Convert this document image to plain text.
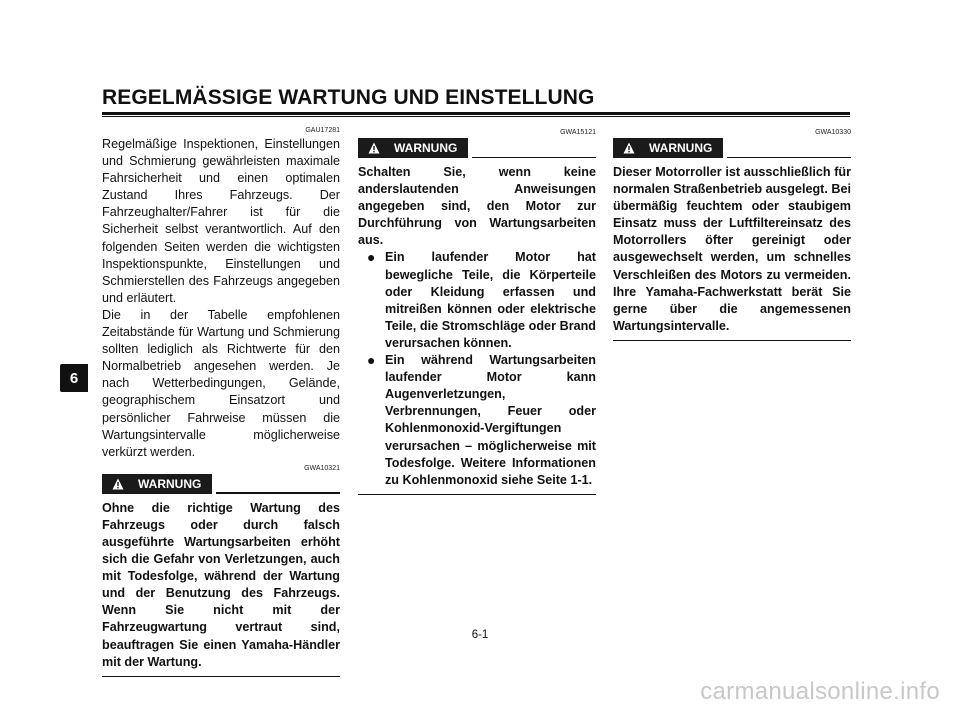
REGELMÄSSIGE WARTUNG UND EINSTELLUNG
6
GAU17281

Regelmäßige Inspektionen, Einstellungen und Schmierung gewährleisten maximale Fahrsicherheit und einen optimalen Zustand Ihres Fahrzeugs. Der Fahrzeughalter/Fahrer ist für die Sicherheit selbst verantwortlich. Auf den folgenden Seiten werden die wichtigsten Inspektionspunkte, Einstellungen und Schmierstellen des Fahrzeugs angegeben und erläutert.

Die in der Tabelle empfohlenen Zeitabstände für Wartung und Schmierung sollten lediglich als Richtwerte für den Normalbetrieb angesehen werden. Je nach Wetterbedingungen, Gelände, geographischem Einsatzort und persönlicher Fahrweise müssen die Wartungsintervalle möglicherweise verkürzt werden.

WARNUNG
GWA10321

Ohne die richtige Wartung des Fahrzeugs oder durch falsch ausgeführte Wartungsarbeiten erhöht sich die Gefahr von Verletzungen, auch mit Todesfolge, während der Wartung und der Benutzung des Fahrzeugs. Wenn Sie nicht mit der Fahrzeugwartung vertraut sind, beauftragen Sie einen Yamaha-Händler mit der Wartung.

WARNUNG
GWA15121

Schalten Sie, wenn keine anderslautenden Anweisungen angegeben sind, den Motor zur Durchführung von Wartungsarbeiten aus.

● Ein laufender Motor hat bewegliche Teile, die Körperteile oder Kleidung erfassen und mitreißen können oder elektrische Teile, die Stromschläge oder Brand verursachen können.
● Ein während Wartungsarbeiten laufender Motor kann Augenverletzungen, Verbrennungen, Feuer oder Kohlenmonoxid-Vergiftungen verursachen – möglicherweise mit Todesfolge. Weitere Informationen zu Kohlenmonoxid siehe Seite 1-1.
WARNUNG
GWA10330

Dieser Motorroller ist ausschließlich für normalen Straßenbetrieb ausgelegt. Bei übermäßig feuchtem oder staubigem Einsatz muss der Luftfiltereinsatz des Motorrollers öfter gereinigt oder ausgewechselt werden, um schnelles Verschleißen des Motors zu vermeiden. Ihre Yamaha-Fachwerkstatt berät Sie gerne über die angemessenen Wartungsintervalle.

6-1
carmanualsonline.info
